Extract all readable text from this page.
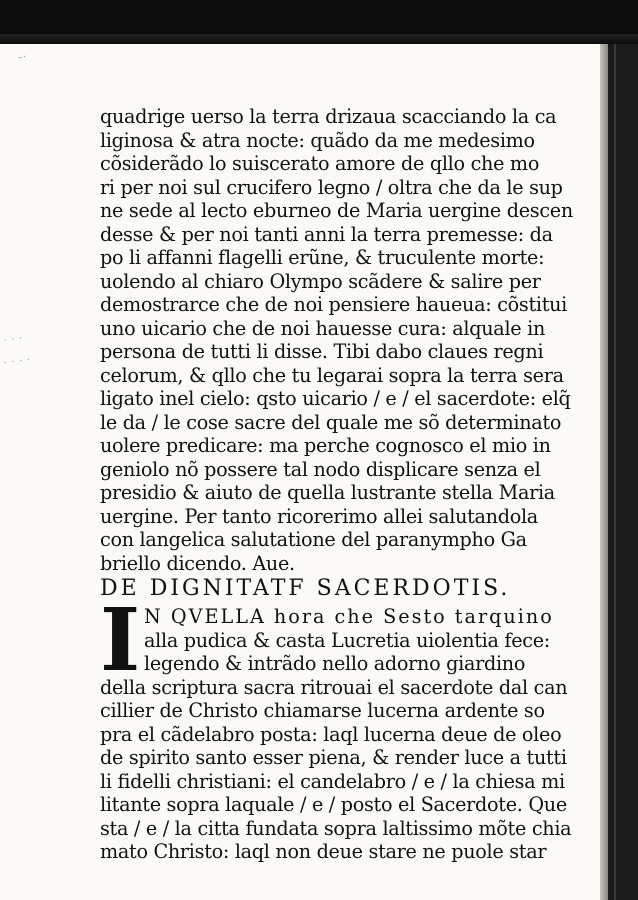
–·
· · ·
· · · ·
quadrige uerso la terra drizaua scacciando la ca
liginosa & atra nocte: quãdo da me medesimo
cõsiderãdo lo suiscerato amore de qllo che mo
ri per noi sul crucifero legno / oltra che da le sup
ne sede al lecto eburneo de Maria uergine descen
desse & per noi tanti anni la terra premesse: da
po li affanni flagelli erũne, & truculente morte:
uolendo al chiaro Olympo scãdere & salire per
demostrarce che de noi pensiere haueua: cõstitui
uno uicario che de noi hauesse cura: alquale in
persona de tutti li disse. Tibi dabo claues regni
celorum, & qllo che tu legarai sopra la terra sera
ligato inel cielo: qsto uicario / e / el sacerdote: elq̃
le da / le cose sacre del quale me sõ determinato
uolere predicare: ma perche cognosco el mio in
geniolo nõ possere tal nodo displicare senza el
presidio & aiuto de quella lustrante stella Maria
uergine. Per tanto ricorerimo allei salutandola
con langelica salutatione del paranympho Ga
briello dicendo. Aue.
DE DIGNITATF SACERDOTIS.
I N QVELLA hora che Sesto tarquino
alla pudica & casta Lucretia uiolentia fece:
legendo & intrãdo nello adorno giardino
della scriptura sacra ritrouai el sacerdote dal can
cillier de Christo chiamarse lucerna ardente so
pra el cãdelabro posta: laql lucerna deue de oleo
de spirito santo esser piena, & render luce a tutti
li fidelli christiani: el candelabro / e / la chiesa mi
litante sopra laquale / e / posto el Sacerdote. Que
sta / e / la citta fundata sopra laltissimo mõte chia
mato Christo: laql non deue stare ne puole star
